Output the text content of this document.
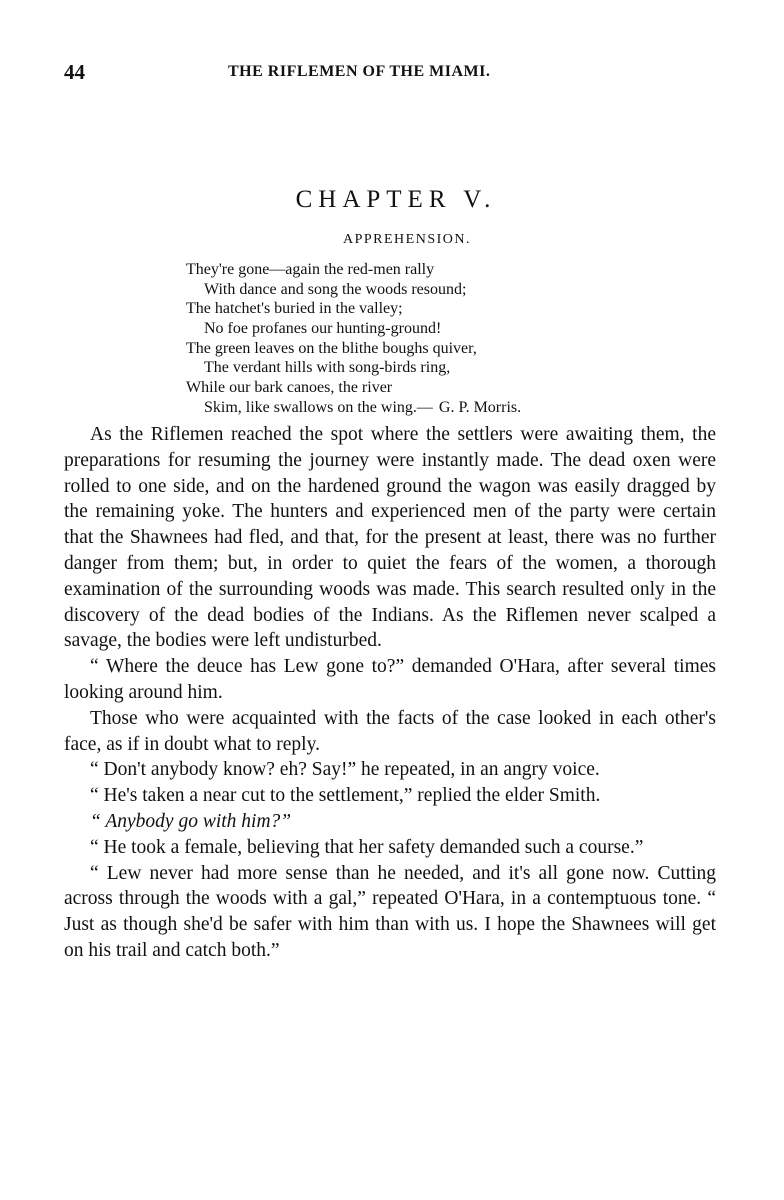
44	THE RIFLEMEN OF THE MIAMI.
CHAPTER V.
APPREHENSION.
They're gone—again the red-men rally
With dance and song the woods resound;
The hatchet's buried in the valley;
No foe profanes our hunting-ground!
The green leaves on the blithe boughs quiver,
The verdant hills with song-birds ring,
While our bark canoes, the river
Skim, like swallows on the wing.— G. P. Morris.

As the Riflemen reached the spot where the settlers were awaiting them, the preparations for resuming the journey were instantly made. The dead oxen were rolled to one side, and on the hardened ground the wagon was easily dragged by the remaining yoke. The hunters and experienced men of the party were certain that the Shawnees had fled, and that, for the present at least, there was no further danger from them; but, in order to quiet the fears of the women, a thorough examination of the surrounding woods was made. This search resulted only in the discovery of the dead bodies of the Indians. As the Riflemen never scalped a savage, the bodies were left undisturbed.

“ Where the deuce has Lew gone to?” demanded O'Hara, after several times looking around him.

Those who were acquainted with the facts of the case looked in each other's face, as if in doubt what to reply.

“ Don't anybody know? eh? Say!” he repeated, in an angry voice.

“ He's taken a near cut to the settlement,” replied the elder Smith.

“ Anybody go with him?”

“ He took a female, believing that her safety demanded such a course.”

“ Lew never had more sense than he needed, and it's all gone now. Cutting across through the woods with a gal,” repeated O'Hara, in a contemptuous tone. “ Just as though she'd be safer with him than with us. I hope the Shawnees will get on his trail and catch both.”
